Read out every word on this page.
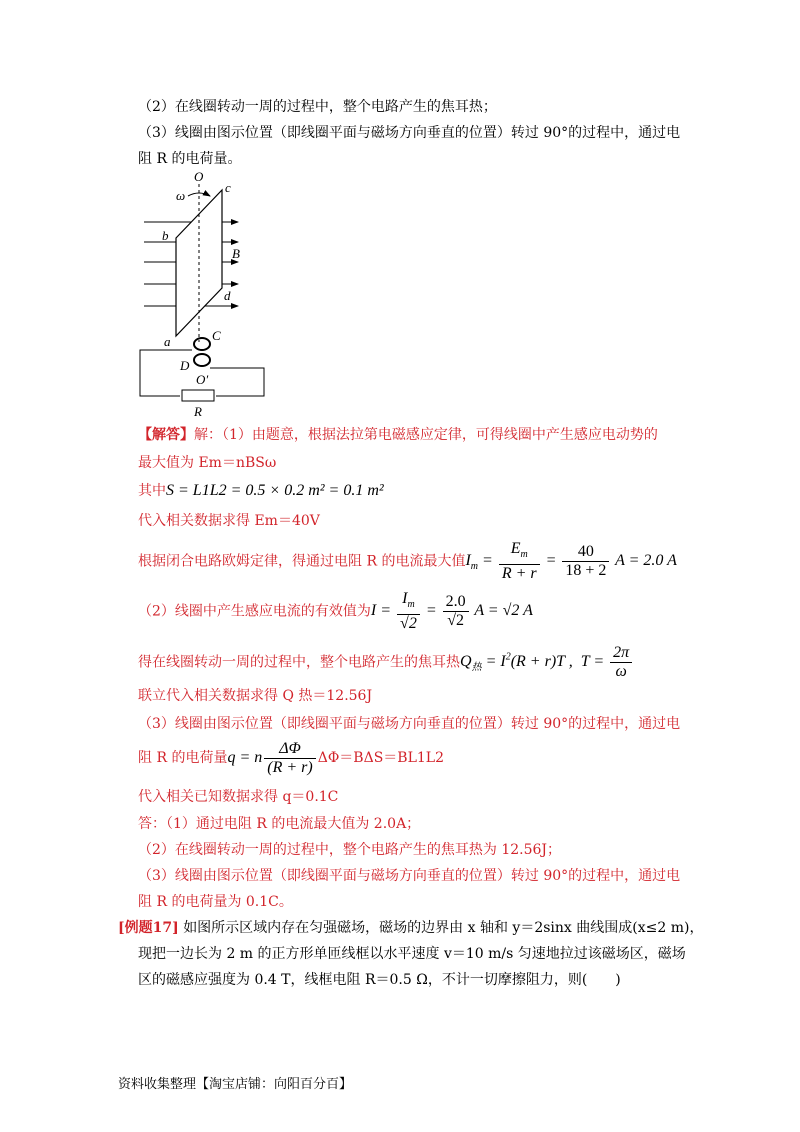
（2）在线圈转动一周的过程中，整个电路产生的焦耳热；
（3）线圈由图示位置（即线圈平面与磁场方向垂直的位置）转过 90°的过程中，通过电
阻 R 的电荷量。
O
ω
c
b
B
d
a	C
D
O′
R
【解答】解：（1）由题意，根据法拉第电磁感应定律，可得线圈中产生感应电动势的
最大值为 Em＝nBSω
其中S = L1L2 = 0.5 × 0.2 m² = 0.1 m²
代入相关数据求得 Em＝40V
根据闭合电路欧姆定律，得通过电阻 R 的电流最大值$I_m = \frac{E_m}{R + r} = \frac{40}{18 + 2}$ A = 2.0 A
（2）线圈中产生感应电流的有效值为$I = \frac{I_m}{√2} = \frac{2.0}{√2}$ A = √2 A
得在线圈转动一周的过程中，整个电路产生的焦耳热$Q_热 = I^2(R + r)T$ ,  $T = \frac{2\pi}{\omega}$
联立代入相关数据求得 Q 热＝12.56J
（3）线圈由图示位置（即线圈平面与磁场方向垂直的位置）转过 90°的过程中，通过电
阻 R 的电荷量q = n $\frac{\Delta\Phi}{(R + r)} \Delta\Phi=B\Delta S=BL1L2$
代入相关已知数据求得 q＝0.1C
答：（1）通过电阻 R 的电流最大值为 2.0A；
（2）在线圈转动一周的过程中，整个电路产生的焦耳热为 12.56J；
（3）线圈由图示位置（即线圈平面与磁场方向垂直的位置）转过 90°的过程中，通过电
阻 R 的电荷量为 0.1C。
[例题17] 如图所示区域内存在匀强磁场，磁场的边界由 x 轴和 y＝2sinx 曲线围成(x≤2 m)，
现把一边长为 2 m 的正方形单匝线框以水平速度 v＝10 m/s 匀速地拉过该磁场区，磁场
区的磁感应强度为 0.4 T，线框电阻 R＝0.5 Ω，不计一切摩擦阻力，则(　　)
资料收集整理【淘宝店铺：向阳百分百】
